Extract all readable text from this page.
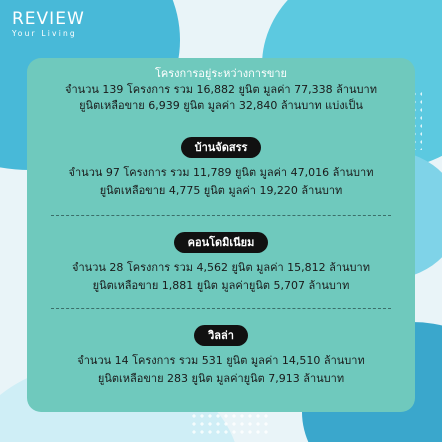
REVIEW
Your Living
โครงการอยู่ระหว่างการขาย
จำนวน 139 โครงการ รวม 16,882 ยูนิต มูลค่า 77,338 ล้านบาท
ยูนิตเหลือขาย 6,939 ยูนิต มูลค่า 32,840 ล้านบาท แบ่งเป็น
บ้านจัดสรร
จำนวน 97 โครงการ รวม 11,789 ยูนิต มูลค่า 47,016 ล้านบาท
ยูนิตเหลือขาย 4,775 ยูนิต มูลค่า 19,220 ล้านบาท
คอนโดมิเนียม
จำนวน 28 โครงการ รวม 4,562 ยูนิต มูลค่า 15,812 ล้านบาท
ยูนิตเหลือขาย 1,881 ยูนิต มูลค่ายูนิต 5,707 ล้านบาท
วิลล่า
จำนวน 14 โครงการ รวม 531 ยูนิต มูลค่า 14,510 ล้านบาท
ยูนิตเหลือขาย 283 ยูนิต มูลค่ายูนิต 7,913 ล้านบาท
